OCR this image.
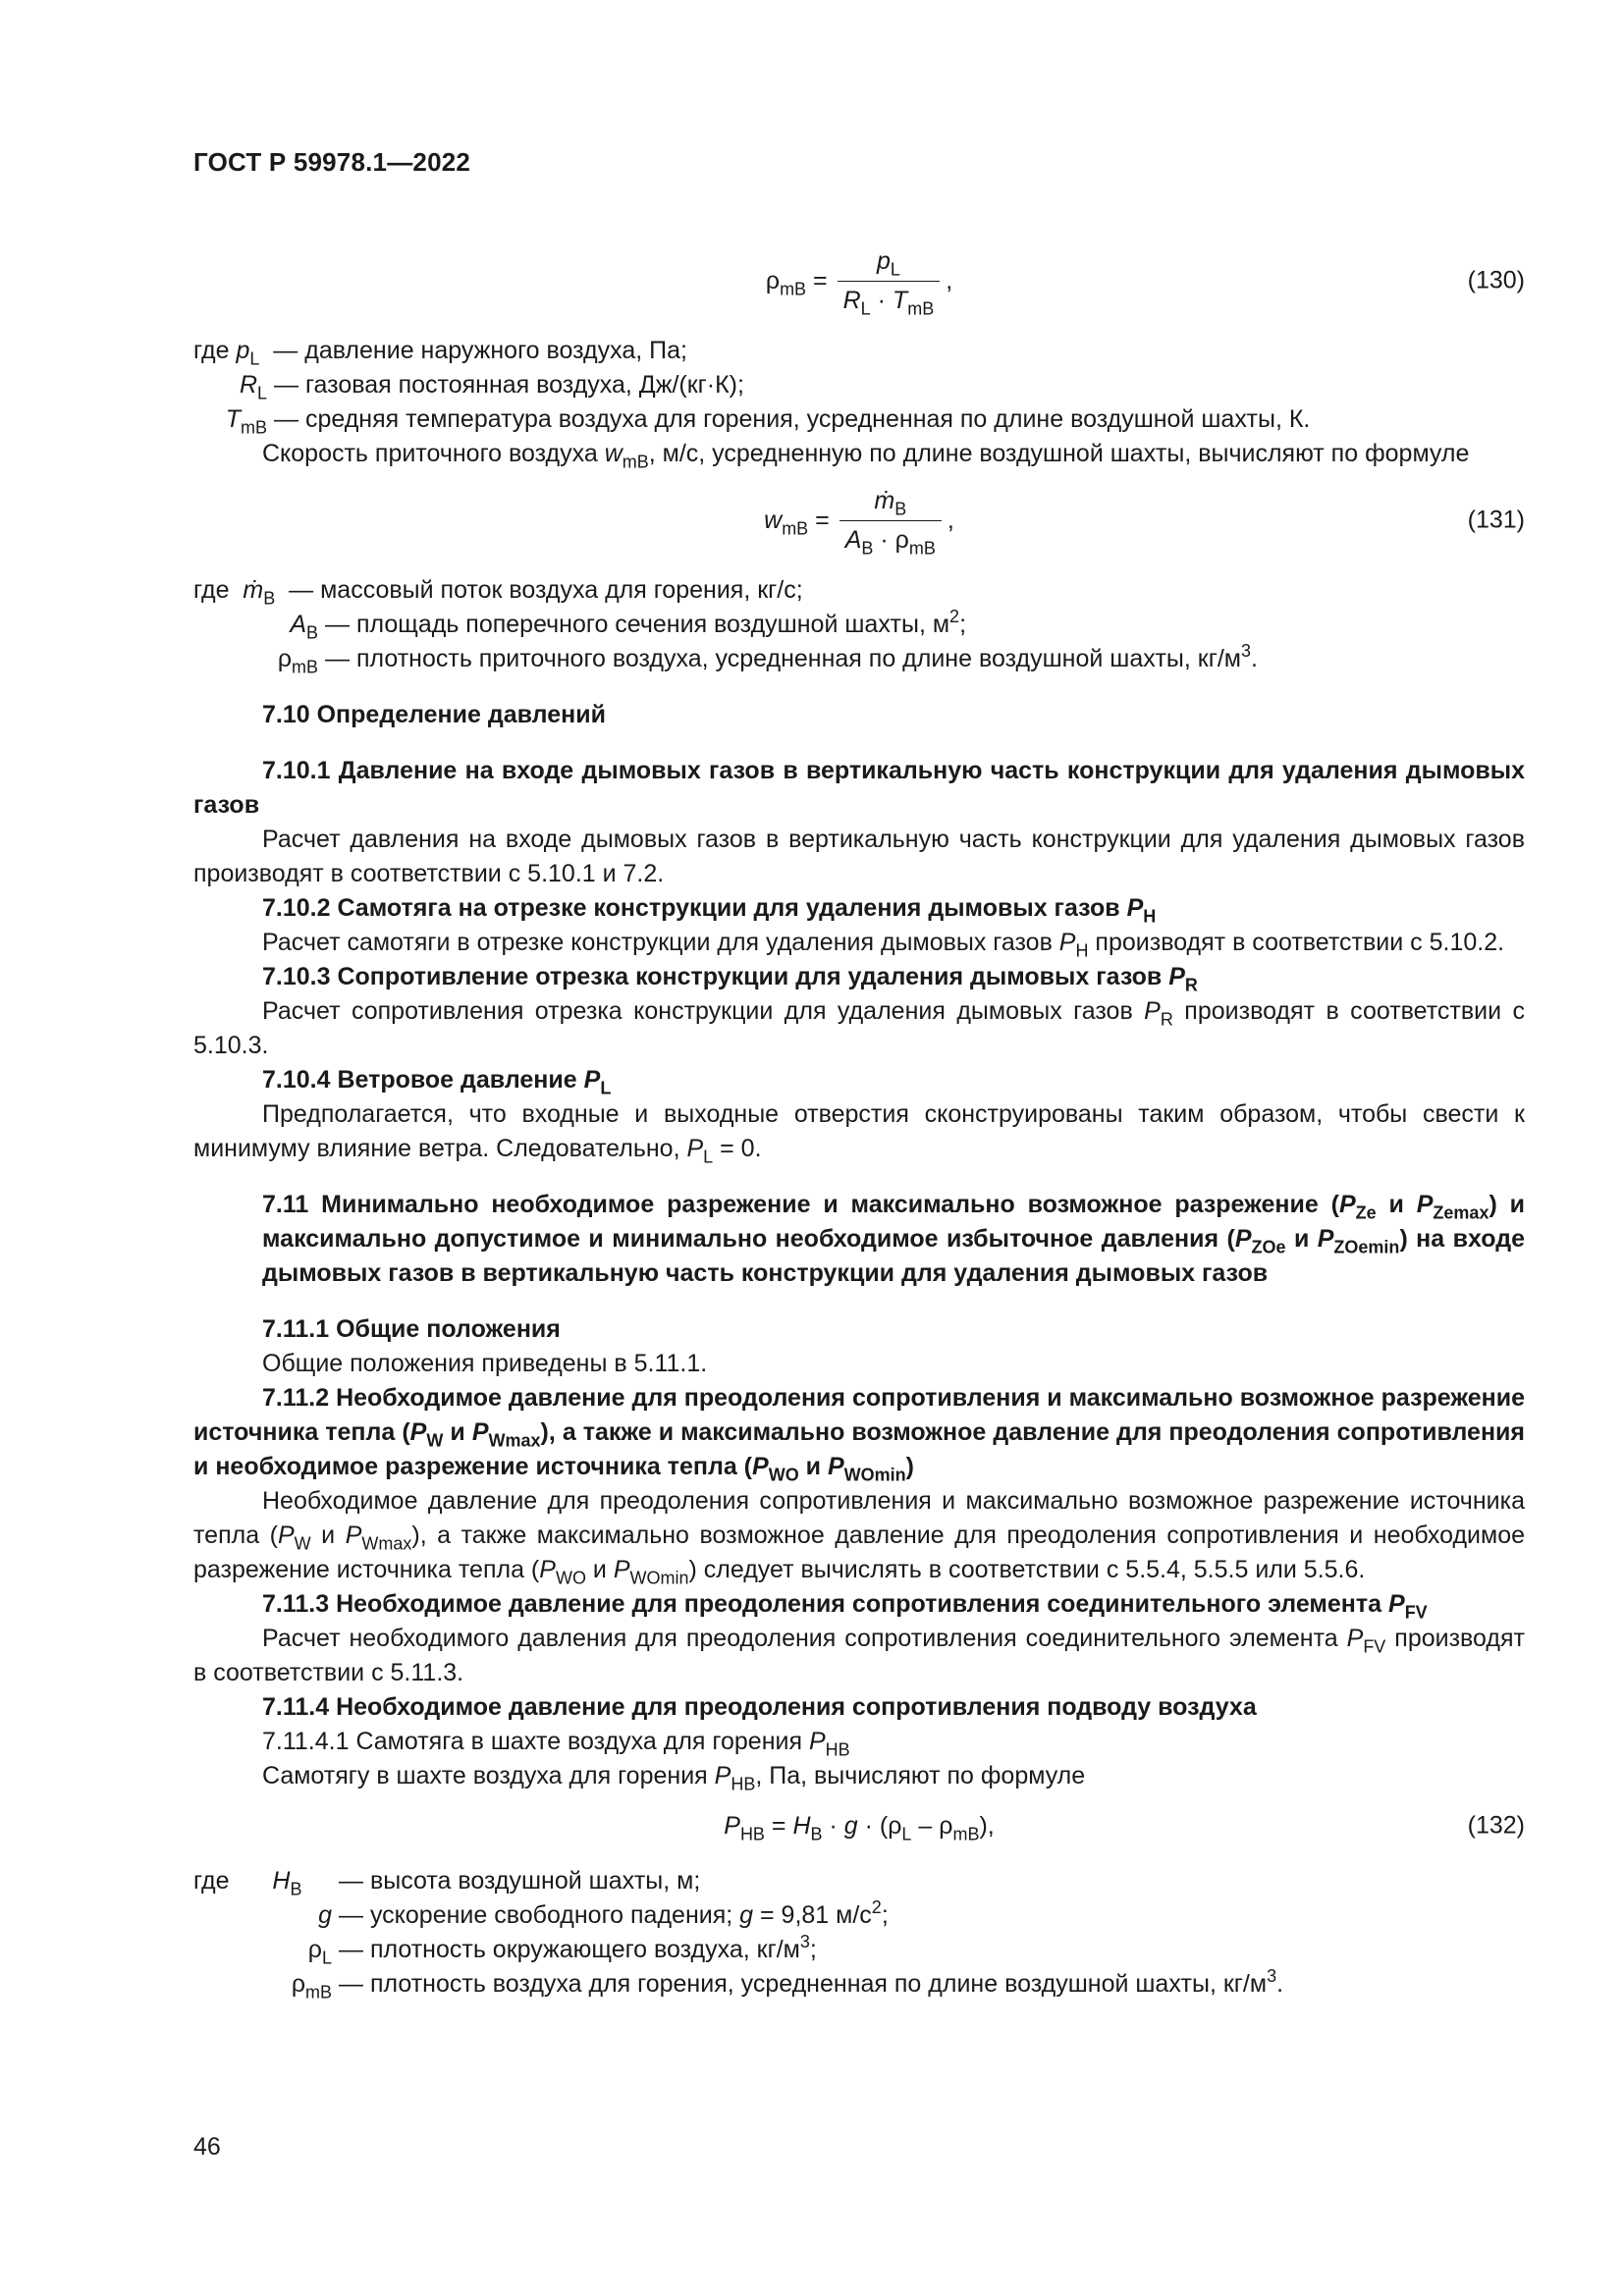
ГОСТ Р 59978.1—2022
$\rho_{mB} = \frac{p_L}{R_L \cdot T_{mB}}$ ,	(130)
где $p_L$ — давление наружного воздуха, Па;
$R_L$ — газовая постоянная воздуха, Дж/(кг·К);
$T_{mB}$ — средняя температура воздуха для горения, усредненная по длине воздушной шахты, К.

Скорость приточного воздуха $w_{mB}$, м/с, усредненную по длине воздушной шахты, вычисляют по формуле

$w_{mB} = \frac{ṁ_B}{A_B \cdot \rho_{mB}}$ ,	(131)
где ṁ$_B$ — массовый поток воздуха для горения, кг/с;
$A_B$ — площадь поперечного сечения воздушной шахты, $м^2$;
$\rho_{mB}$ — плотность приточного воздуха, усредненная по длине воздушной шахты, $кг/м^3$.

7.10 Определение давлений

7.10.1 Давление на входе дымовых газов в вертикальную часть конструкции для удаления дымовых газов

Расчет давления на входе дымовых газов в вертикальную часть конструкции для удаления дымовых газов производят в соответствии с 5.10.1 и 7.2.

7.10.2 Самотяга на отрезке конструкции для удаления дымовых газов $P_H$

Расчет самотяги в отрезке конструкции для удаления дымовых газов $P_H$ производят в соответствии с 5.10.2.

7.10.3 Сопротивление отрезка конструкции для удаления дымовых газов $P_R$

Расчет сопротивления отрезка конструкции для удаления дымовых газов $P_R$ производят в соответствии с 5.10.3.

7.10.4 Ветровое давление $P_L$

Предполагается, что входные и выходные отверстия сконструированы таким образом, чтобы свести к минимуму влияние ветра. Следовательно, $P_L = 0$.

7.11 Минимально необходимое разрежение и максимально возможное разрежение ($P_{Ze}$ и $P_{Zemax}$) и максимально допустимое и минимально необходимое избыточное давления ($P_{ZOe}$ и $P_{ZOemin}$) на входе дымовых газов в вертикальную часть конструкции для удаления дымовых газов

7.11.1 Общие положения

Общие положения приведены в 5.11.1.

7.11.2 Необходимое давление для преодоления сопротивления и максимально возможное разрежение источника тепла ($P_W$ и $P_{Wmax}$), а также и максимально возможное давление для преодоления сопротивления и необходимое разрежение источника тепла ($P_{WO}$ и $P_{WOmin}$)

Необходимое давление для преодоления сопротивления и максимально возможное разрежение источника тепла ($P_W$ и $P_{Wmax}$), а также максимально возможное давление для преодоления сопротивления и необходимое разрежение источника тепла ($P_{WO}$ и $P_{WOmin}$) следует вычислять в соответствии с 5.5.4, 5.5.5 или 5.5.6.

7.11.3 Необходимое давление для преодоления сопротивления соединительного элемента $P_{FV}$

Расчет необходимого давления для преодоления сопротивления соединительного элемента $P_{FV}$ производят в соответствии с 5.11.3.

7.11.4 Необходимое давление для преодоления сопротивления подводу воздуха

7.11.4.1 Самотяга в шахте воздуха для горения $P_{HB}$

Самотягу в шахте воздуха для горения $P_{HB}$, Па, вычисляют по формуле

$P_{HB} = H_B \cdot g \cdot (\rho_L - \rho_{mB})$,	(132)
где $H_B$	— высота воздушной шахты, м;
g — ускорение свободного падения; g = 9,81 $м/с^2$;
$\rho_L$ — плотность окружающего воздуха, $кг/м^3$;
$\rho_{mB}$ — плотность воздуха для горения, усредненная по длине воздушной шахты, $кг/м^3$.
46
